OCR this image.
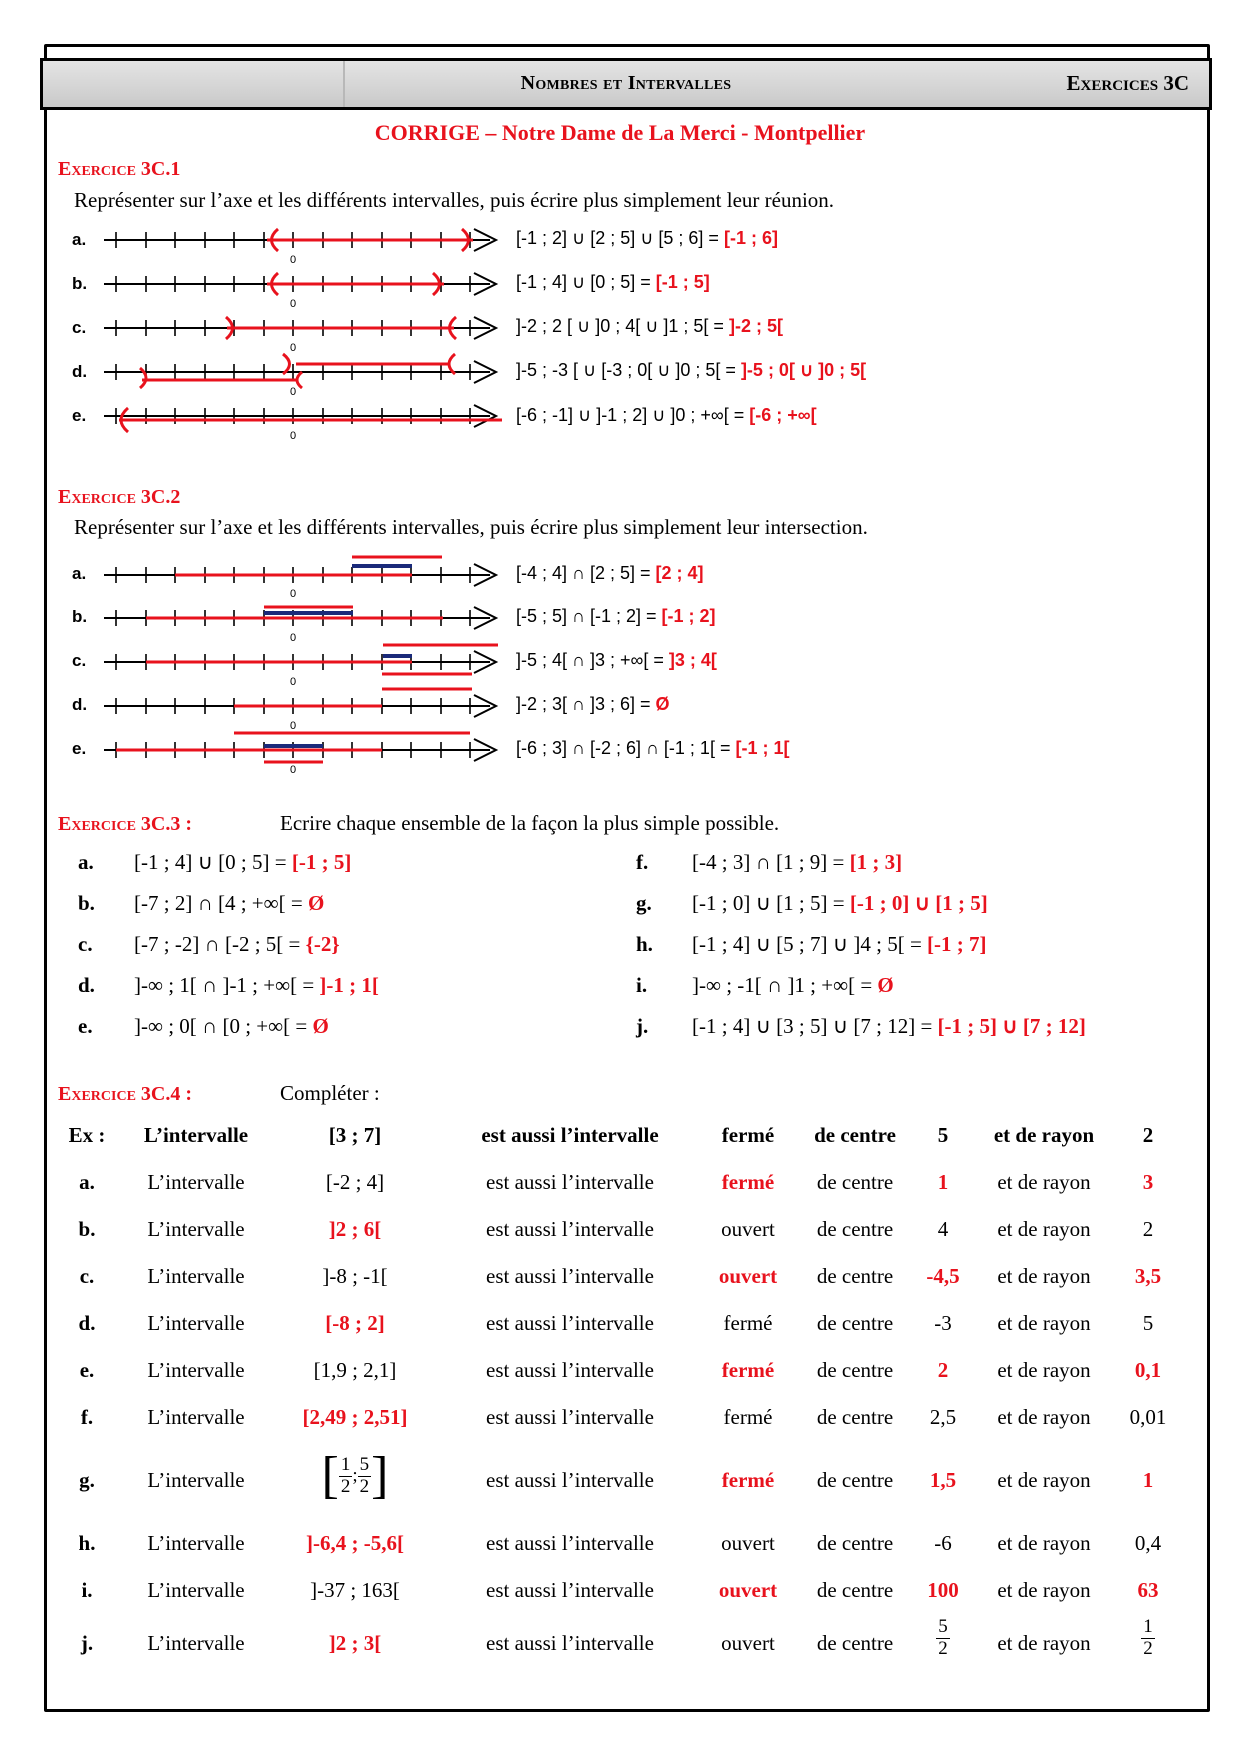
Nombres et Intervalles	Exercices 3C
CORRIGE – Notre Dame de La Merci - Montpellier
Exercice 3C.1
Représenter sur l’axe et les différents intervalles, puis écrire plus simplement leur réunion.
a.
b.
c.
d.
e.
[-1 ; 2] ∪ [2 ; 5] ∪ [5 ; 6] = [-1 ; 6]
[-1 ; 4] ∪ [0 ; 5] = [-1 ; 5]
]-2 ; 2 [ ∪ ]0 ; 4[ ∪ ]1 ; 5[ = ]-2 ; 5[
]-5 ; -3 [ ∪ [-3 ; 0[ ∪ ]0 ; 5[ = ]-5 ; 0[ ∪ ]0 ; 5[
[-6 ; -1] ∪ ]-1 ; 2] ∪ ]0 ; +∞[ = [-6 ; +∞[
Exercice 3C.2
Représenter sur l’axe et les différents intervalles, puis écrire plus simplement leur intersection.
a.
b.
c.
d.
e.
[-4 ; 4] ∩ [2 ; 5] = [2 ; 4]
[-5 ; 5] ∩ [-1 ; 2] = [-1 ; 2]
]-5 ; 4[ ∩ ]3 ; +∞[ = ]3 ; 4[
]-2 ; 3[ ∩ ]3 ; 6] = Ø
[-6 ; 3] ∩ [-2 ; 6] ∩ [-1 ; 1[ = [-1 ; 1[
0
0
0
0
0
0
0
0
0
0
Exercice 3C.3 :	Ecrire chaque ensemble de la façon la plus simple possible.
a. [-1 ; 4] ∪ [0 ; 5] = [-1 ; 5]
b. [-7 ; 2] ∩ [4 ; +∞[ = Ø
c. [-7 ; -2] ∩ [-2 ; 5[ = {-2}
d. ]-∞ ; 1[ ∩ ]-1 ; +∞[ = ]-1 ; 1[
e. ]-∞ ; 0[ ∩ [0 ; +∞[ = Ø
f. [-4 ; 3] ∩ [1 ; 9] = [1 ; 3]
g. [-1 ; 0] ∪ [1 ; 5] = [-1 ; 0] ∪ [1 ; 5]
h. [-1 ; 4] ∪ [5 ; 7] ∪ ]4 ; 5[ = [-1 ; 7]
i. ]-∞ ; -1[ ∩ ]1 ; +∞[ = Ø
j. [-1 ; 4] ∪ [3 ; 5] ∪ [7 ; 12] = [-1 ; 5] ∪ [7 ; 12]
Exercice 3C.4 :	Compléter :
Ex :	L’intervalle	[3 ; 7]	est aussi l’intervalle	fermé	de centre	5	et de rayon	2
a.	L’intervalle	[-2 ; 4]	est aussi l’intervalle	fermé	de centre	1	et de rayon	3
b.	L’intervalle	]2 ; 6[	est aussi l’intervalle	ouvert	de centre	4	et de rayon	2
c.	L’intervalle	]-8 ; -1[	est aussi l’intervalle	ouvert	de centre	-4,5	et de rayon	3,5
d.	L’intervalle	[-8 ; 2]	est aussi l’intervalle	fermé	de centre	-3	et de rayon	5
e.	L’intervalle	[1,9 ; 2,1]	est aussi l’intervalle	fermé	de centre	2	et de rayon	0,1
f.	L’intervalle	[2,49 ; 2,51]	est aussi l’intervalle	fermé	de centre	2,5	et de rayon	0,01
g.	L’intervalle	[ $\frac{1}{2}$ ; $\frac{5}{2}$ ]	est aussi l’intervalle	fermé	de centre	1,5	et de rayon	1
h.	L’intervalle	]-6,4 ; -5,6[	est aussi l’intervalle	ouvert	de centre	-6	et de rayon	0,4
i.	L’intervalle	]-37 ; 163[	est aussi l’intervalle	ouvert	de centre	100	et de rayon	63
j.	L’intervalle	]2 ; 3[	est aussi l’intervalle	ouvert	de centre	$\frac{5}{2}$	et de rayon	$\frac{1}{2}$
